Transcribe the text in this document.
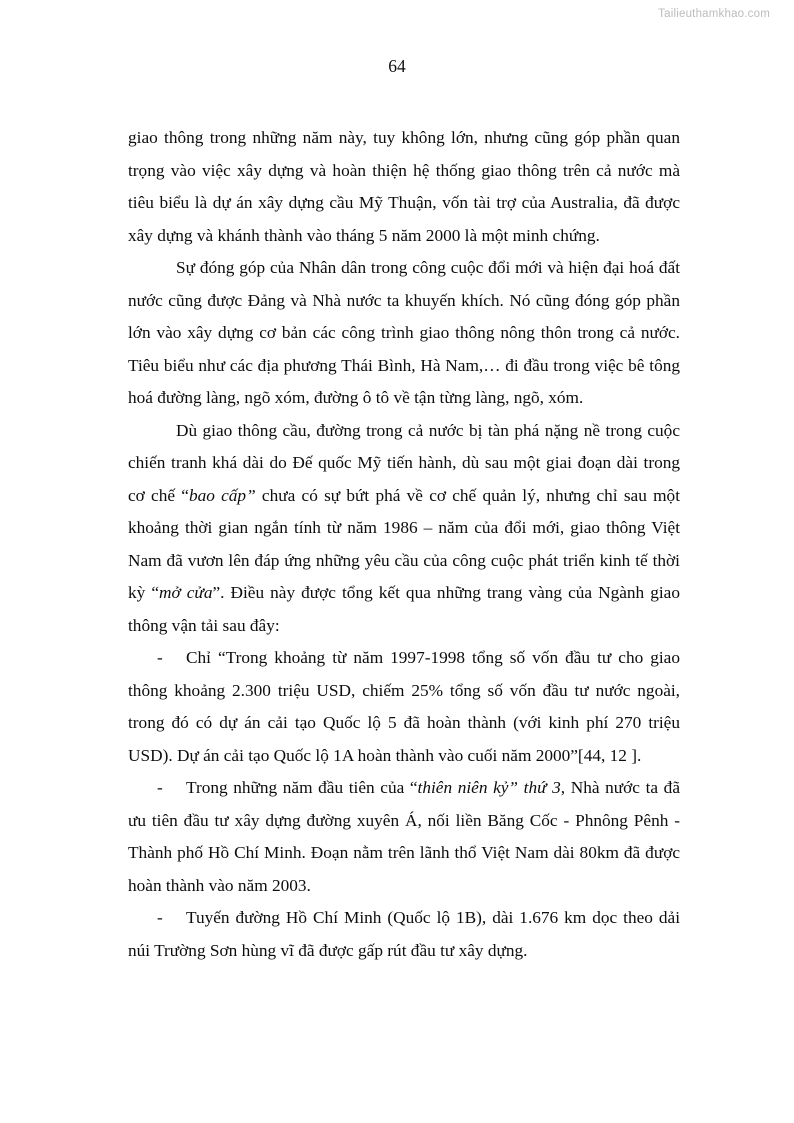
Tailieuthamkhao.com
64

giao thông trong những năm này, tuy không lớn, nhưng cũng góp phần quan trọng vào việc xây dựng và hoàn thiện hệ thống giao thông trên cả nước mà tiêu biểu là dự án xây dựng cầu Mỹ Thuận, vốn tài trợ của Australia, đã được xây dựng và khánh thành vào tháng 5 năm 2000 là một minh chứng.

Sự đóng góp của Nhân dân trong công cuộc đổi mới và hiện đại hoá đất nước cũng được Đảng và Nhà nước ta khuyến khích. Nó cũng đóng góp phần lớn vào xây dựng cơ bản các công trình giao thông nông thôn trong cả nước. Tiêu biểu như các địa phương Thái Bình, Hà Nam,… đi đầu trong việc bê tông hoá đường làng, ngõ xóm, đường ô tô về tận từng làng, ngõ, xóm.

Dù giao thông cầu, đường trong cả nước bị tàn phá nặng nề trong cuộc chiến tranh khá dài do Đế quốc Mỹ tiến hành, dù sau một giai đoạn dài trong cơ chế “bao cấp” chưa có sự bứt phá về cơ chế quản lý, nhưng chỉ sau một khoảng thời gian ngắn tính từ năm 1986 – năm của đổi mới, giao thông Việt Nam đã vươn lên đáp ứng những yêu cầu của công cuộc phát triển kinh tế thời kỳ “mở cửa”. Điều này được tổng kết qua những trang vàng của Ngành giao thông vận tải sau đây:

-	Chỉ “Trong khoảng từ năm 1997-1998 tổng số vốn đầu tư cho giao thông khoảng 2.300 triệu USD, chiếm 25% tổng số vốn đầu tư nước ngoài, trong đó có dự án cải tạo Quốc lộ 5 đã hoàn thành (với kinh phí 270 triệu USD). Dự án cải tạo Quốc lộ 1A hoàn thành vào cuối năm 2000”[44, 12 ].
-	Trong những năm đầu tiên của “thiên niên kỷ” thứ 3, Nhà nước ta đã ưu tiên đầu tư xây dựng đường xuyên Á, nối liền Băng Cốc - Phnông Pênh - Thành phố Hồ Chí Minh. Đoạn nằm trên lãnh thổ Việt Nam dài 80km đã được hoàn thành vào năm 2003.
-	Tuyến đường Hồ Chí Minh (Quốc lộ 1B), dài 1.676 km dọc theo dải núi Trường Sơn hùng vĩ đã được gấp rút đầu tư xây dựng.
